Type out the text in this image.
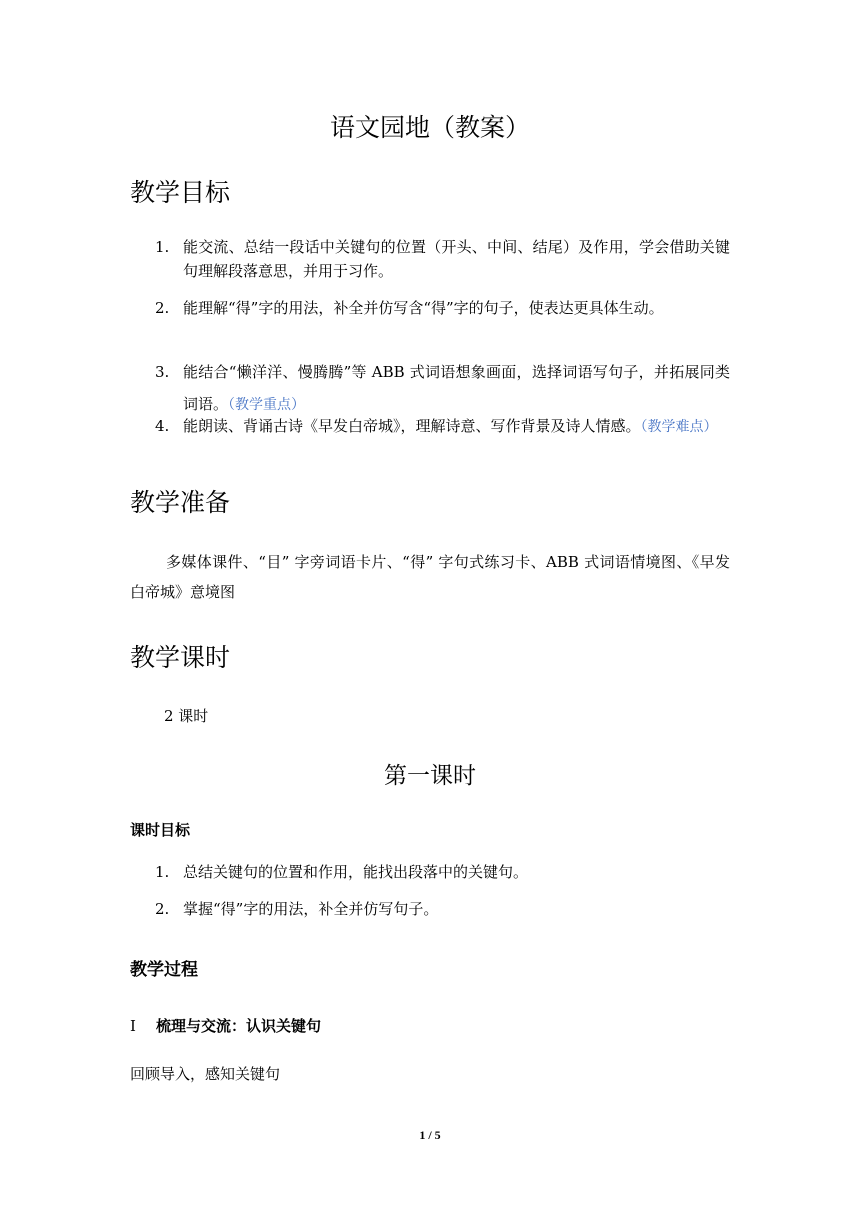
语文园地（教案）
教学目标
1. 能交流、总结一段话中关键句的位置（开头、中间、结尾）及作用，学会借助关键句理解段落意思，并用于习作。
2. 能理解“得”字的用法，补全并仿写含“得”字的句子，使表达更具体生动。
3. 能结合“懒洋洋、慢腾腾”等 ABB 式词语想象画面，选择词语写句子，并拓展同类词语。（教学重点）
4. 能朗读、背诵古诗《早发白帝城》，理解诗意、写作背景及诗人情感。（教学难点）
教学准备
多媒体课件、“目” 字旁词语卡片、“得” 字句式练习卡、ABB 式词语情境图、《早发白帝城》意境图
教学课时
2 课时
第一课时
课时目标
1. 总结关键句的位置和作用，能找出段落中的关键句。
2. 掌握“得”字的用法，补全并仿写句子。
教学过程
Ⅰ 梳理与交流：认识关键句
回顾导入，感知关键句
1 / 5
